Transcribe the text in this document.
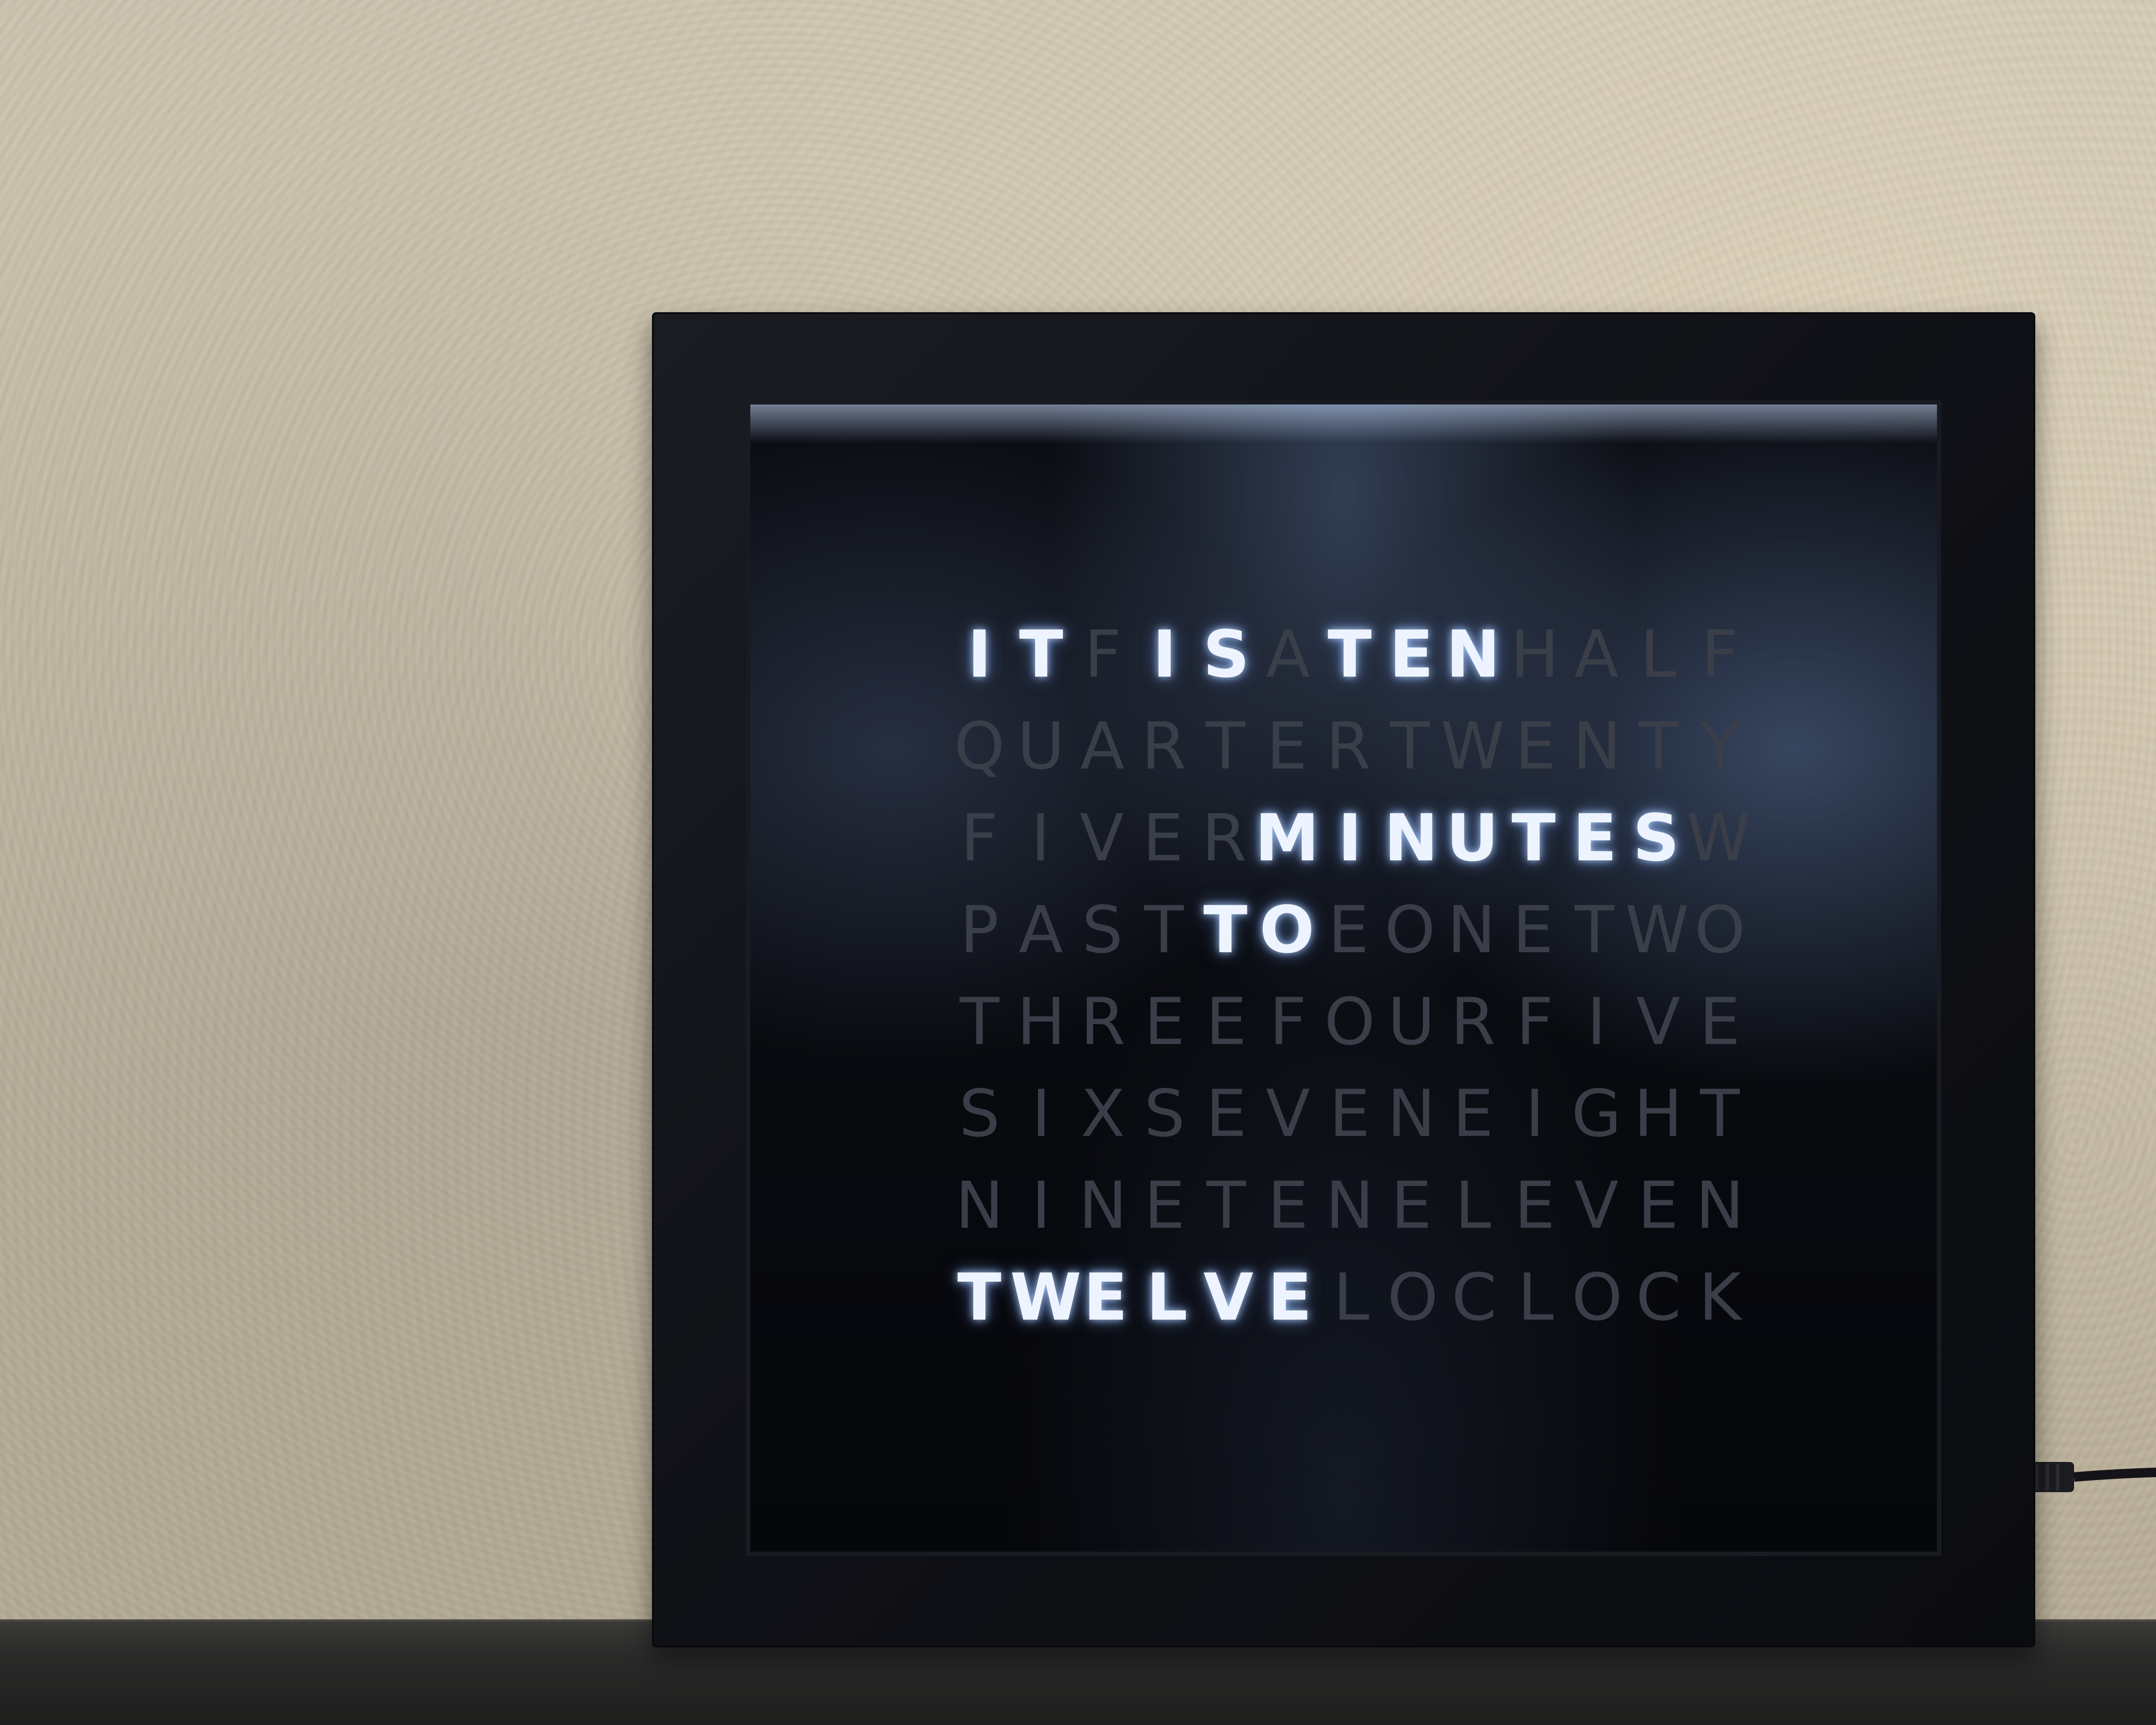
I T F I S A T E N H A L F
Q U A R T E R T W E N T Y
F I V E R M I N U T E S W
P A S T T O E O N E T W O
T H R E E F O U R F I V E
S I X S E V E N E I G H T
N I N E T E N E L E V E N
T W E L V E L O C L O C K
